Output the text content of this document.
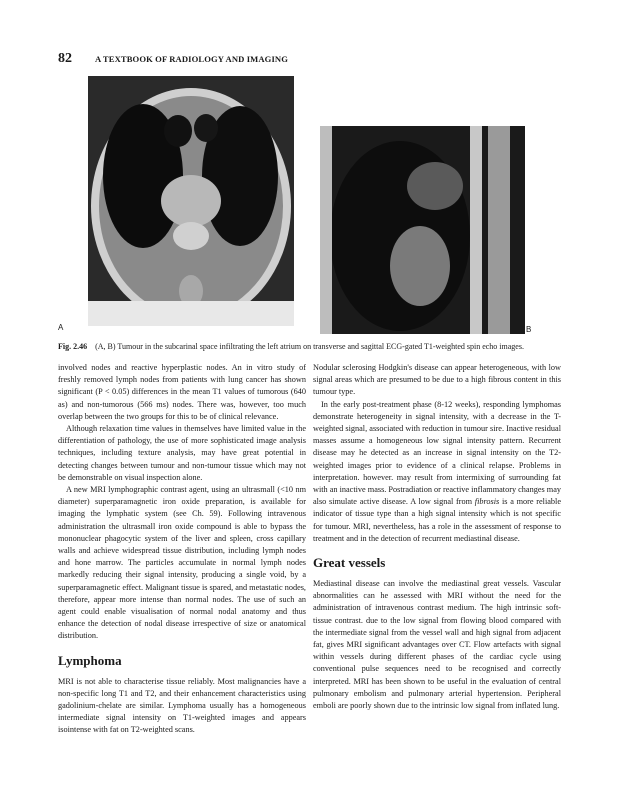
82	A TEXTBOOK OF RADIOLOGY AND IMAGING
A	B
Fig. 2.46 (A, B) Tumour in the subcarinal space infiltrating the left atrium on transverse and sagittal ECG-gated T1-weighted spin echo images.

involved nodes and reactive hyperplastic nodes. An in vitro study of freshly removed lymph nodes from patients with lung cancer has shown significant (P < 0.05) differences in the mean T1 values of tumorous (640 as) and non-tumorous (566 ms) nodes. There was, however, too much overlap between the two groups for this to be of clinical relevance.

Although relaxation time values in themselves have limited value in the differentiation of pathology, the use of more sophisticated image analysis techniques, including texture analysis, may have great potential in detecting changes between tumour and non-tumour tissue which may not be demonstrable on visual inspection alone.

A new MRI lymphographic contrast agent, using an ultrasmall (<10 nm diameter) superparamagnetic iron oxide preparation, is available for imaging the lymphatic system (see Ch. 59). Following intravenous administration the ultrasmall iron oxide compound is able to bypass the mononuclear phagocytic system of the liver and spleen, cross capillary walls and achieve widespread tissue distribution, including lymph nodes and hone marrow. The particles accumulate in normal lymph nodes markedly reducing their signal intensity, producing a single void, by a superparamagnetic effect. Malignant tissue is spared, and metastatic nodes, therefore, appear more intense than normal nodes. The use of such an agent could enable visualisation of normal nodal anatomy and thus enhance the detection of nodal disease irrespective of size or anatomical distribution.

Lymphoma

MRI is not able to characterise tissue reliably. Most malignancies have a non-specific long T1 and T2, and their enhancement characteristics using gadolinium-chelate are similar. Lymphoma usually has a homogeneous intermediate signal intensity on T1-weighted images and appears isointense with fat on T2-weighted scans.

Nodular sclerosing Hodgkin's disease can appear heterogeneous, with low signal areas which are presumed to be due to a high fibrous content in this tumour type.

In the early post-treatment phase (8-12 weeks), responding lymphomas demonstrate heterogeneity in signal intensity, with a decrease in the T-weighted signal, associated with reduction in tumour sire. Inactive residual masses assume a homogeneous low signal intensity pattern. Recurrent disease may he detected as an increase in signal intensity on the T2-weighted images prior to evidence of a clinical relapse. Problems in interpretation. however. may result from intermixing of surrounding fat with an inactive mass. Postradiation or reactive inflammatory changes may also simulate active disease. A low signal from fibrosis is a more reliable indicator of tissue type than a high signal intensity which is not specific for tumour. MRI, nevertheless, has a role in the assessment of response to treatment and in the detection of recurrent mediastinal disease.

Great vessels

Mediastinal disease can involve the mediastinal great vessels. Vascular abnormalities can he assessed with MRI without the need for the administration of intravenous contrast medium. The high intrinsic soft-tissue contrast. due to the low signal from flowing blood compared with the intermediate signal from the vessel wall and high signal from adjacent fat, gives MRI significant advantages over CT. Flow artefacts with signal within vessels during different phases of the cardiac cycle using conventional pulse sequences need to be recognised and correctly interpreted. MRI has been shown to be useful in the evaluation of central pulmonary embolism and pulmonary arterial hypertension. Peripheral emboli are poorly shown due to the intrinsic low signal from inflated lung.
